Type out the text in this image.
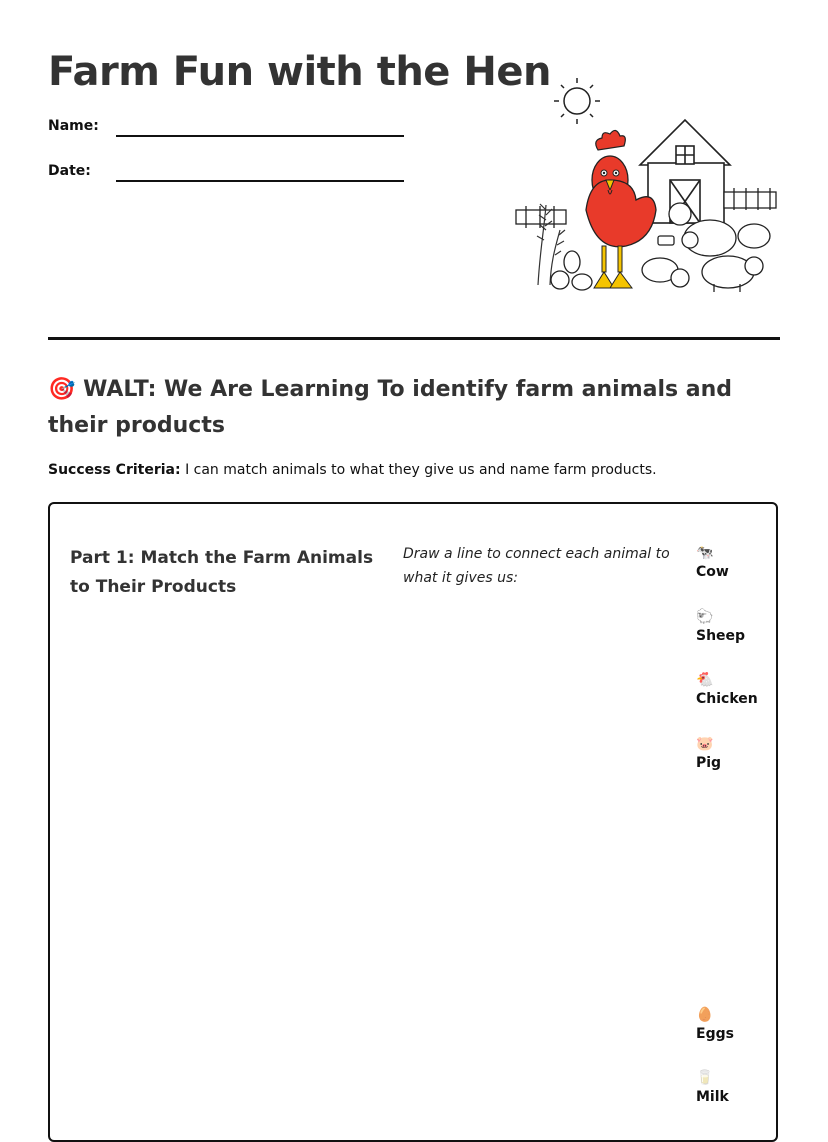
Farm Fun with the Hen
Name:
Date:
🎯 WALT: We Are Learning To identify farm animals and their products
Success Criteria: I can match animals to what they give us and name farm products.
Part 1: Match the Farm Animals to Their Products
Draw a line to connect each animal to what it gives us:
🐄
Cow
🐑
Sheep
🐔
Chicken
🐷
Pig
🥚
Eggs
🥛
Milk
